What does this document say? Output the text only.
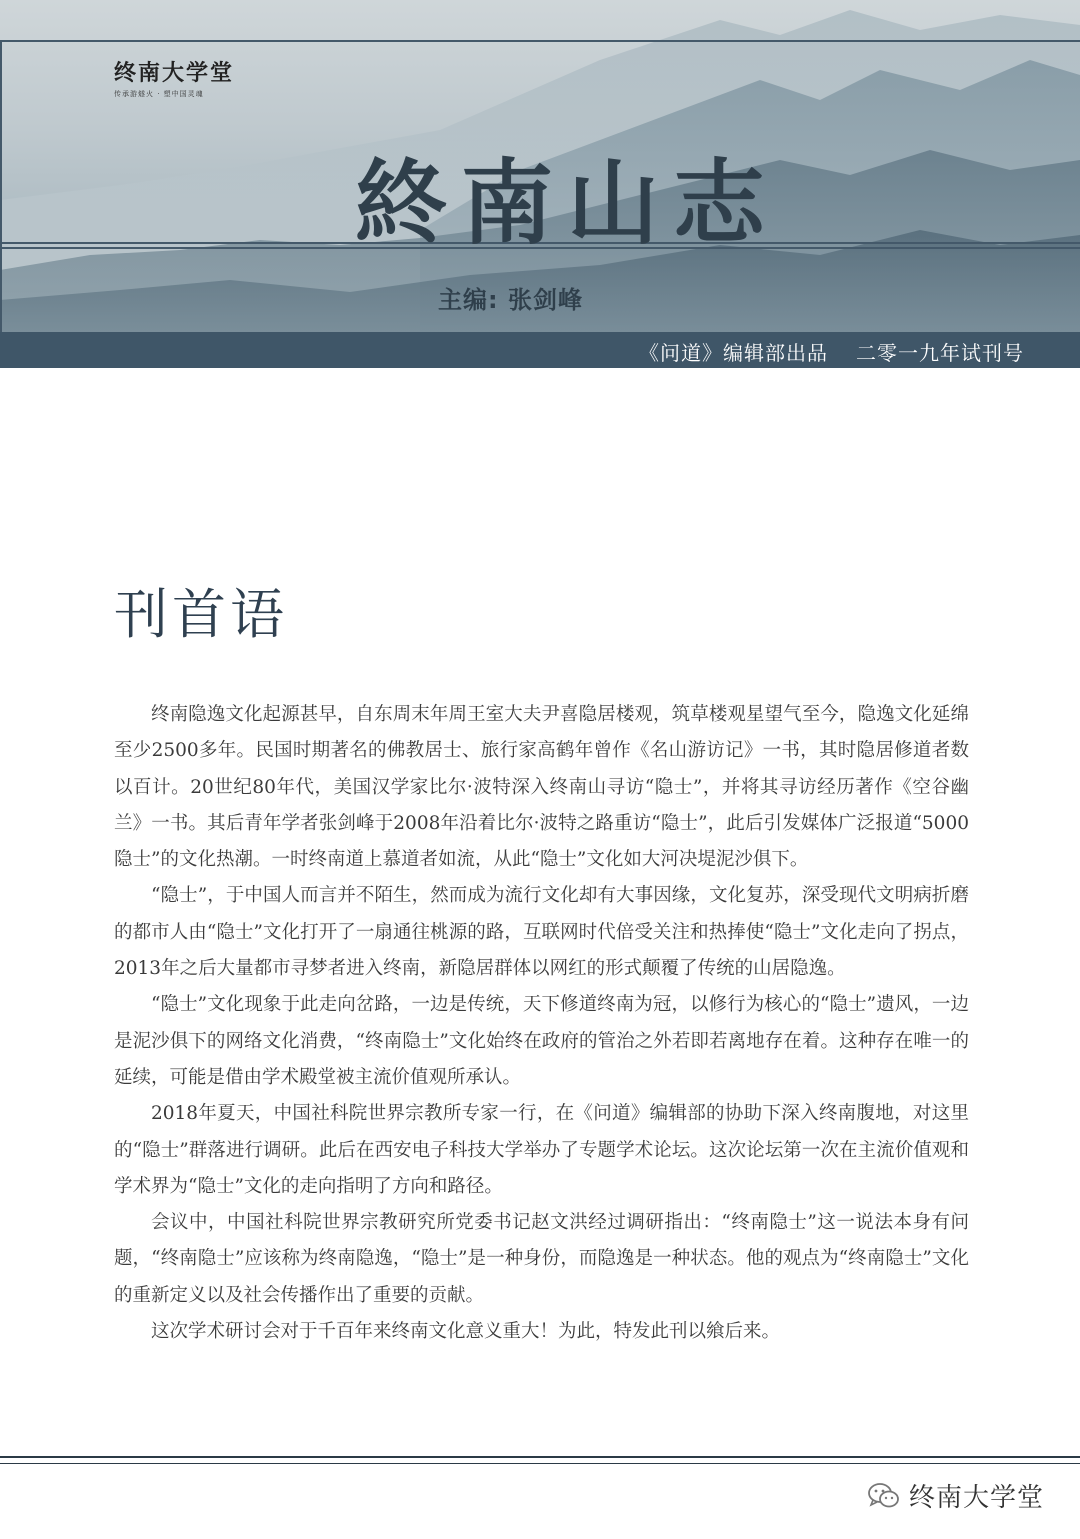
终南大学堂
传承游燧火 · 塑中国灵魂
終南山志
主编: 张剑峰
《问道》编辑部出品 二零一九年试刊号
刊首语

终南隐逸文化起源甚早，自东周末年周王室大夫尹喜隐居楼观，筑草楼观星望气至今，隐逸文化延绵至少2500多年。民国时期著名的佛教居士、旅行家高鹤年曾作《名山游访记》一书，其时隐居修道者数以百计。20世纪80年代，美国汉学家比尔·波特深入终南山寻访“隐士”，并将其寻访经历著作《空谷幽兰》一书。其后青年学者张剑峰于2008年沿着比尔·波特之路重访“隐士”，此后引发媒体广泛报道“5000隐士”的文化热潮。一时终南道上慕道者如流，从此“隐士”文化如大河决堤泥沙俱下。

“隐士”，于中国人而言并不陌生，然而成为流行文化却有大事因缘，文化复苏，深受现代文明病折磨的都市人由“隐士”文化打开了一扇通往桃源的路，互联网时代倍受关注和热捧使“隐士”文化走向了拐点，2013年之后大量都市寻梦者进入终南，新隐居群体以网红的形式颠覆了传统的山居隐逸。

“隐士”文化现象于此走向岔路，一边是传统，天下修道终南为冠，以修行为核心的“隐士”遗风，一边是泥沙俱下的网络文化消费，“终南隐士”文化始终在政府的管治之外若即若离地存在着。这种存在唯一的延续，可能是借由学术殿堂被主流价值观所承认。

2018年夏天，中国社科院世界宗教所专家一行，在《问道》编辑部的协助下深入终南腹地，对这里的“隐士”群落进行调研。此后在西安电子科技大学举办了专题学术论坛。这次论坛第一次在主流价值观和学术界为“隐士”文化的走向指明了方向和路径。

会议中，中国社科院世界宗教研究所党委书记赵文洪经过调研指出：“终南隐士”这一说法本身有问题，“终南隐士”应该称为终南隐逸，“隐士”是一种身份，而隐逸是一种状态。他的观点为“终南隐士”文化的重新定义以及社会传播作出了重要的贡献。

这次学术研讨会对于千百年来终南文化意义重大！为此，特发此刊以飨后来。

终南大学堂
